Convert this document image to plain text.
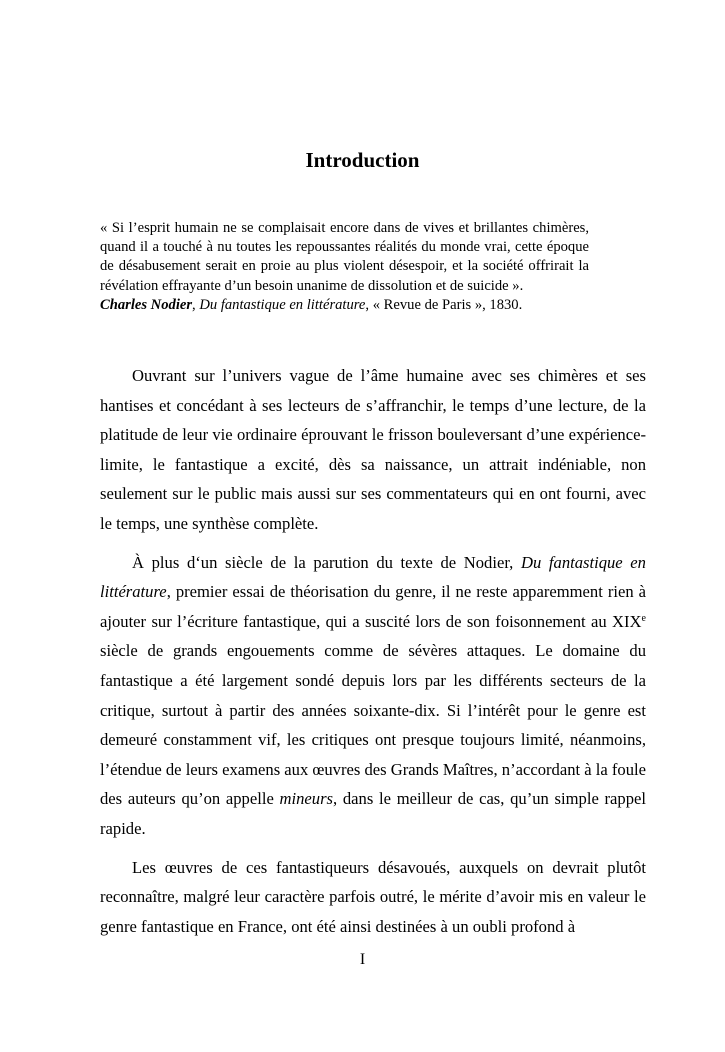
Introduction

« Si l’esprit humain ne se complaisait encore dans de vives et brillantes chimères, quand il a touché à nu toutes les repoussantes réalités du monde vrai, cette époque de désabusement serait en proie au plus violent désespoir, et la société offrirait la révélation effrayante d’un besoin unanime de dissolution et de suicide ».

Charles Nodier, Du fantastique en littérature, « Revue de Paris », 1830.

Ouvrant sur l’univers vague de l’âme humaine avec ses chimères et ses hantises et concédant à ses lecteurs de s’affranchir, le temps d’une lecture, de la platitude de leur vie ordinaire éprouvant le frisson bouleversant d’une expérience-limite, le fantastique a excité, dès sa naissance, un attrait indéniable, non seulement sur le public mais aussi sur ses commentateurs qui en ont fourni, avec le temps, une synthèse complète.

À plus d‘un siècle de la parution du texte de Nodier, Du fantastique en littérature, premier essai de théorisation du genre, il ne reste apparemment rien à ajouter sur l’écriture fantastique, qui a suscité lors de son foisonnement au XIXe siècle de grands engouements comme de sévères attaques. Le domaine du fantastique a été largement sondé depuis lors par les différents secteurs de la critique, surtout à partir des années soixante-dix. Si l’intérêt pour le genre est demeuré constamment vif, les critiques ont presque toujours limité, néanmoins, l’étendue de leurs examens aux œuvres des Grands Maîtres, n’accordant à la foule des auteurs qu’on appelle mineurs, dans le meilleur de cas, qu’un simple rappel rapide.

Les œuvres de ces fantastiqueurs désavoués, auxquels on devrait plutôt reconnaître, malgré leur caractère parfois outré, le mérite d’avoir mis en valeur le genre fantastique en France, ont été ainsi destinées à un oubli profond à

I
